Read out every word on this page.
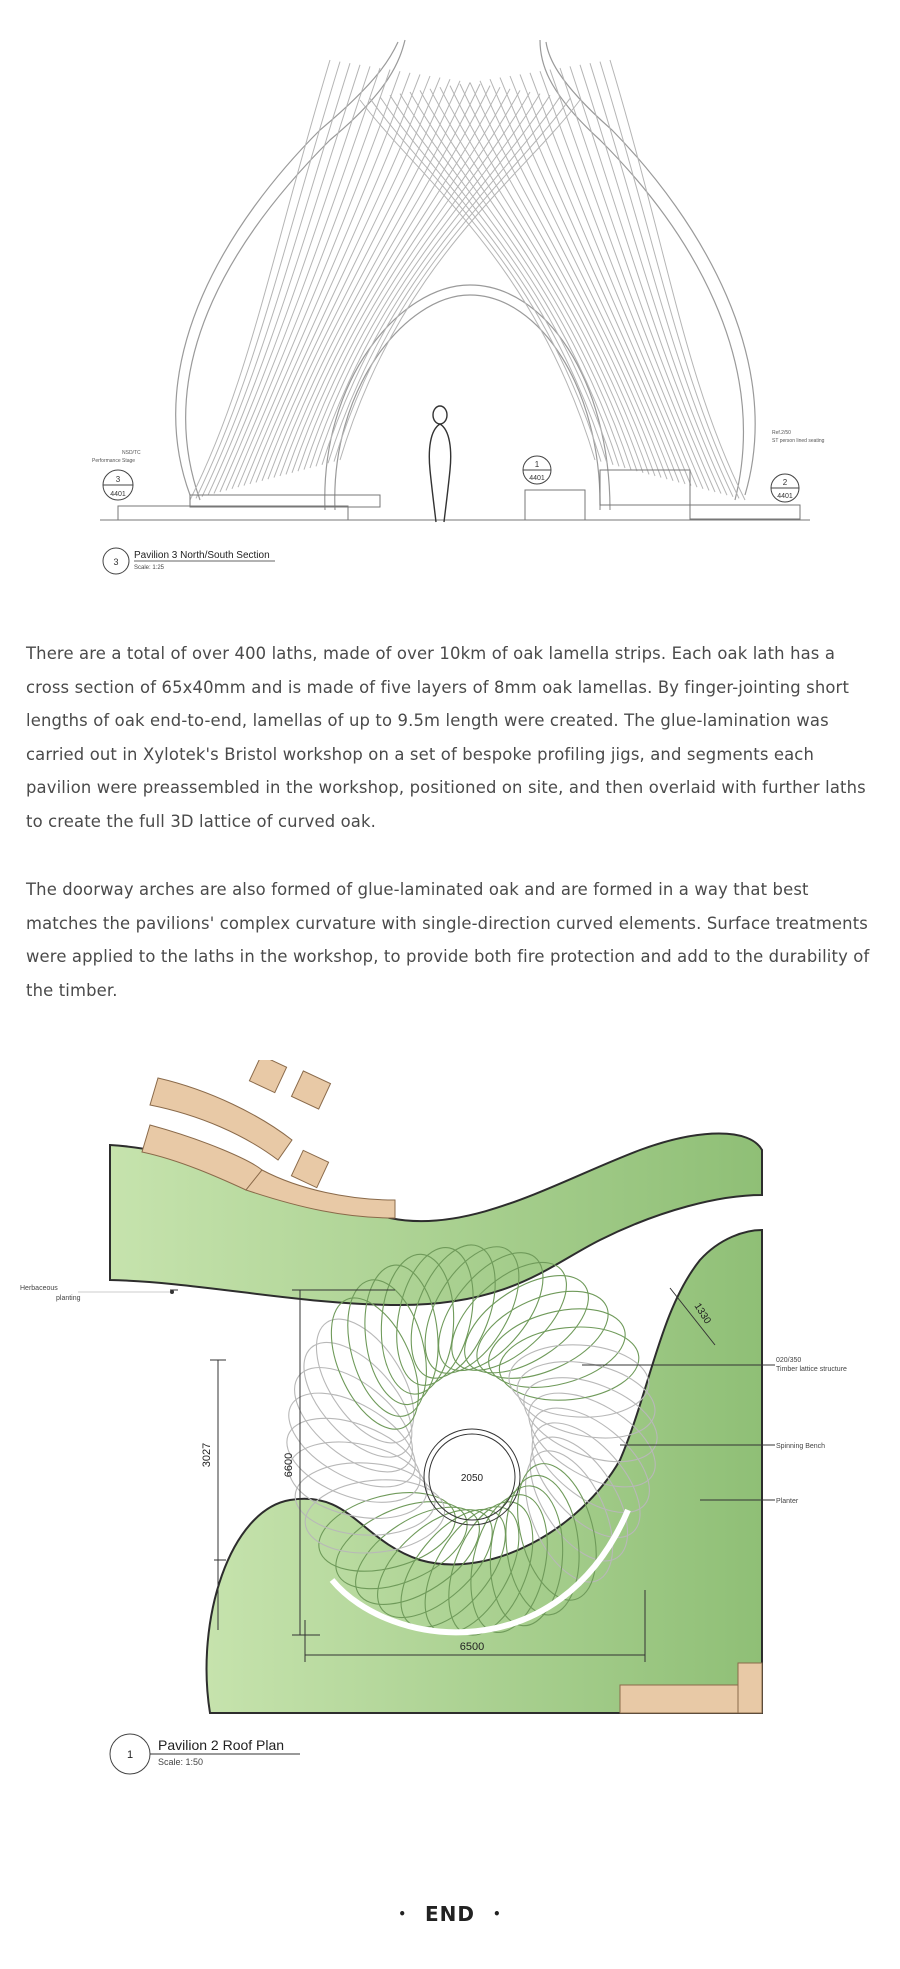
3
4401
1
4401	2
4401
NSD/TC
Performance Stage
Ref.2/50
ST person lined seating
3
Pavilion 3 North/South Section
Scale: 1:25

There are a total of over 400 laths, made of over 10km of oak lamella strips. Each oak lath has a cross section of 65x40mm and is made of five layers of 8mm oak lamellas. By finger-jointing short lengths of oak end-to-end, lamellas of up to 9.5m length were created. The glue-lamination was carried out in Xylotek's Bristol workshop on a set of bespoke profiling jigs, and segments each pavilion were preassembled in the workshop, positioned on site, and then overlaid with further laths to create the full 3D lattice of curved oak.

The doorway arches are also formed of glue-laminated oak and are formed in a way that best matches the pavilions' complex curvature with single-direction curved elements. Surface treatments were applied to the laths in the workshop, to provide both fire protection and add to the durability of the timber.

6600
3027
6500
1330
2050
Herbaceous
planting
020/350
Timber lattice structure
Spinning Bench
Planter
1
Pavilion 2 Roof Plan
Scale: 1:50
• END •
